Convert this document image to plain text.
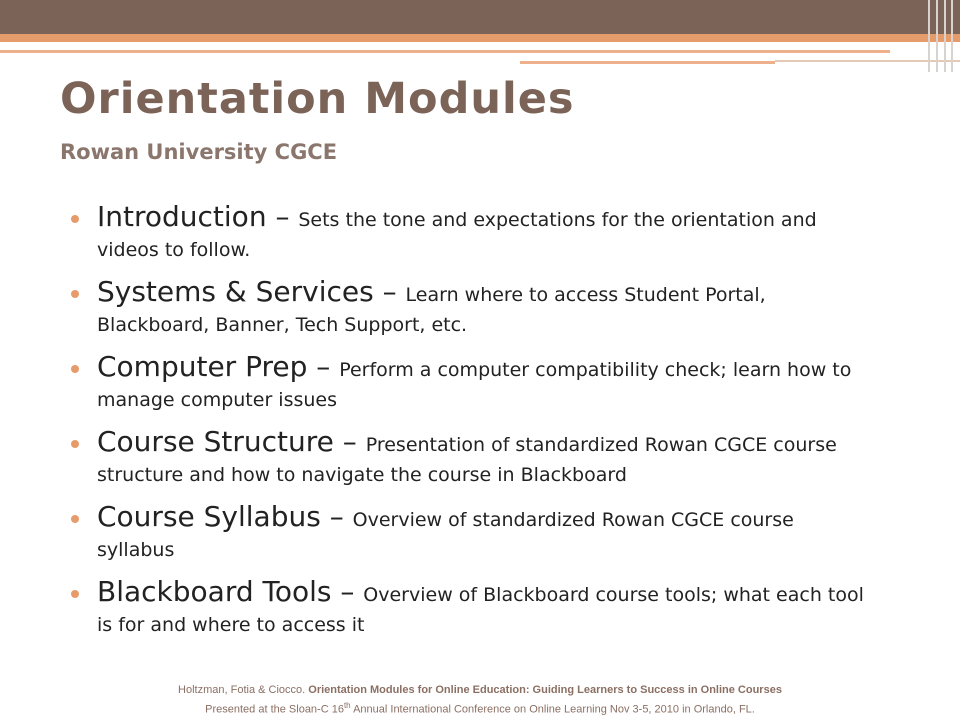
Orientation Modules
Rowan University CGCE
Introduction – Sets the tone and expectations for the orientation and videos to follow.
Systems & Services – Learn where to access Student Portal, Blackboard, Banner, Tech Support, etc.
Computer Prep – Perform a computer compatibility check; learn how to manage computer issues
Course Structure – Presentation of standardized Rowan CGCE course structure and how to navigate the course in Blackboard
Course Syllabus – Overview of standardized Rowan CGCE course syllabus
Blackboard Tools – Overview of Blackboard course tools; what each tool is for and where to access it
Holtzman, Fotia & Ciocco. Orientation Modules for Online Education: Guiding Learners to Success in Online Courses
Presented at the Sloan-C 16th Annual International Conference on Online Learning Nov 3-5, 2010 in Orlando, FL.
